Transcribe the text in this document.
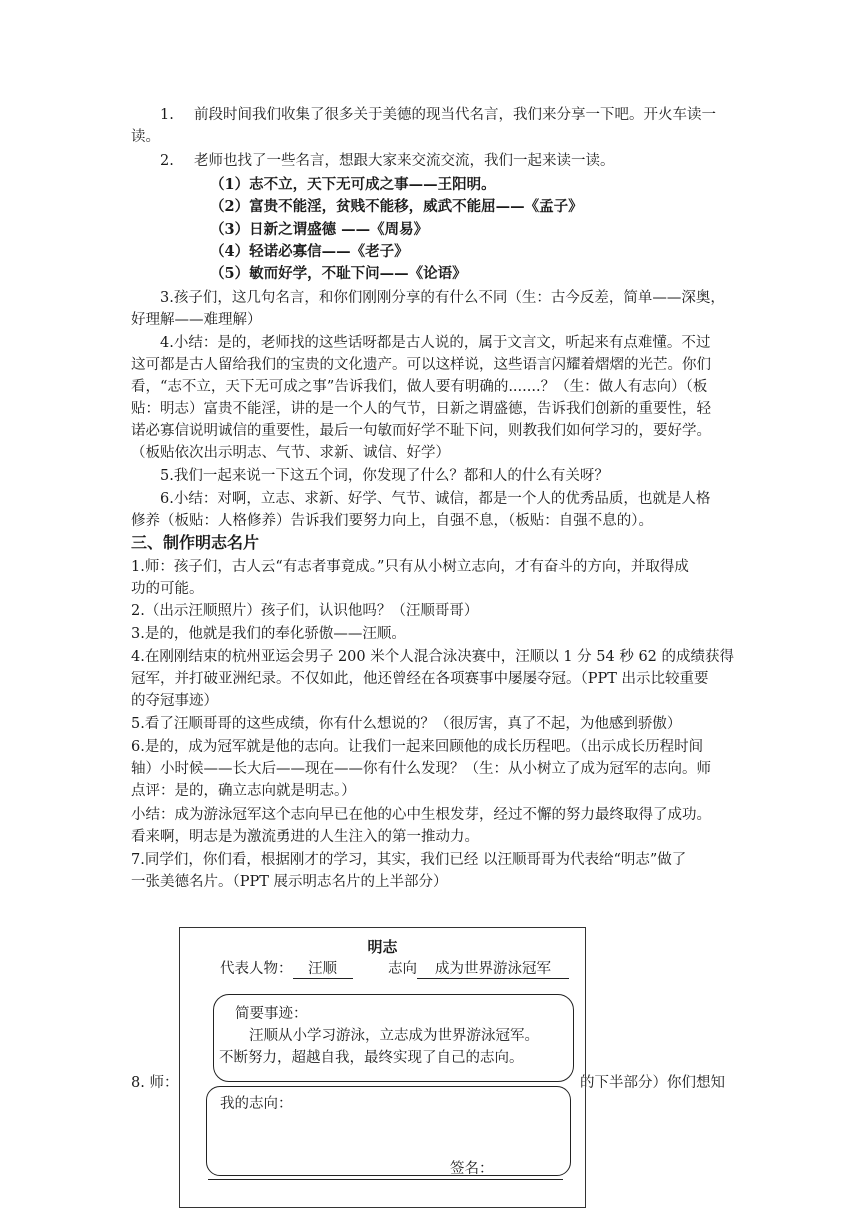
1. 前段时间我们收集了很多关于美德的现当代名言，我们来分享一下吧。开火车读一
读。
2. 老师也找了一些名言，想跟大家来交流交流，我们一起来读一读。
（1）志不立，天下无可成之事——王阳明。
（2）富贵不能淫，贫贱不能移，威武不能屈——《孟子》
（3）日新之谓盛德 ——《周易》
（4）轻诺必寡信——《老子》
（5）敏而好学，不耻下问——《论语》
3.孩子们，这几句名言，和你们刚刚分享的有什么不同（生：古今反差，简单——深奥，
好理解——难理解）
4.小结：是的，老师找的这些话呀都是古人说的，属于文言文，听起来有点难懂。不过
这可都是古人留给我们的宝贵的文化遗产。可以这样说，这些语言闪耀着熠熠的光芒。你们
看，“志不立，天下无可成之事”告诉我们，做人要有明确的.......？（生：做人有志向）（板
贴：明志）富贵不能淫，讲的是一个人的气节，日新之谓盛德，告诉我们创新的重要性，轻
诺必寡信说明诚信的重要性，最后一句敏而好学不耻下问，则教我们如何学习的，要好学。
（板贴依次出示明志、气节、求新、诚信、好学）
5.我们一起来说一下这五个词，你发现了什么？都和人的什么有关呀？
6.小结：对啊，立志、求新、好学、气节、诚信，都是一个人的优秀品质，也就是人格
修养（板贴：人格修养）告诉我们要努力向上，自强不息，（板贴：自强不息的）。
三、制作明志名片
1.师：孩子们，古人云“有志者事竟成。”只有从小树立志向，才有奋斗的方向，并取得成
功的可能。
2.（出示汪顺照片）孩子们，认识他吗？（汪顺哥哥）
3.是的，他就是我们的奉化骄傲——汪顺。
4.在刚刚结束的杭州亚运会男子 200 米个人混合泳决赛中，汪顺以 1 分 54 秒 62 的成绩获得
冠军，并打破亚洲纪录。不仅如此，他还曾经在各项赛事中屡屡夺冠。（PPT 出示比较重要
的夺冠事迹）
5.看了汪顺哥哥的这些成绩，你有什么想说的？（很厉害，真了不起，为他感到骄傲）
6.是的，成为冠军就是他的志向。让我们一起来回顾他的成长历程吧。（出示成长历程时间
轴）小时候——长大后——现在——你有什么发现？（生：从小树立了成为冠军的志向。师
点评：是的，确立志向就是明志。）
小结：成为游泳冠军这个志向早已在他的心中生根发芽，经过不懈的努力最终取得了成功。
看来啊，明志是为激流勇进的人生注入的第一推动力。
7.同学们，你们看，根据刚才的学习，其实，我们已经 以汪顺哥哥为代表给“明志”做了
一张美德名片。（PPT 展示明志名片的上半部分）
8. 师：	的下半部分）你们想知
明志
代表人物： 汪顺	志向 成为世界游泳冠军
简要事迹：
汪顺从小学习游泳，立志成为世界游泳冠军。
不断努力，超越自我，最终实现了自己的志向。
我的志向：
签名：
